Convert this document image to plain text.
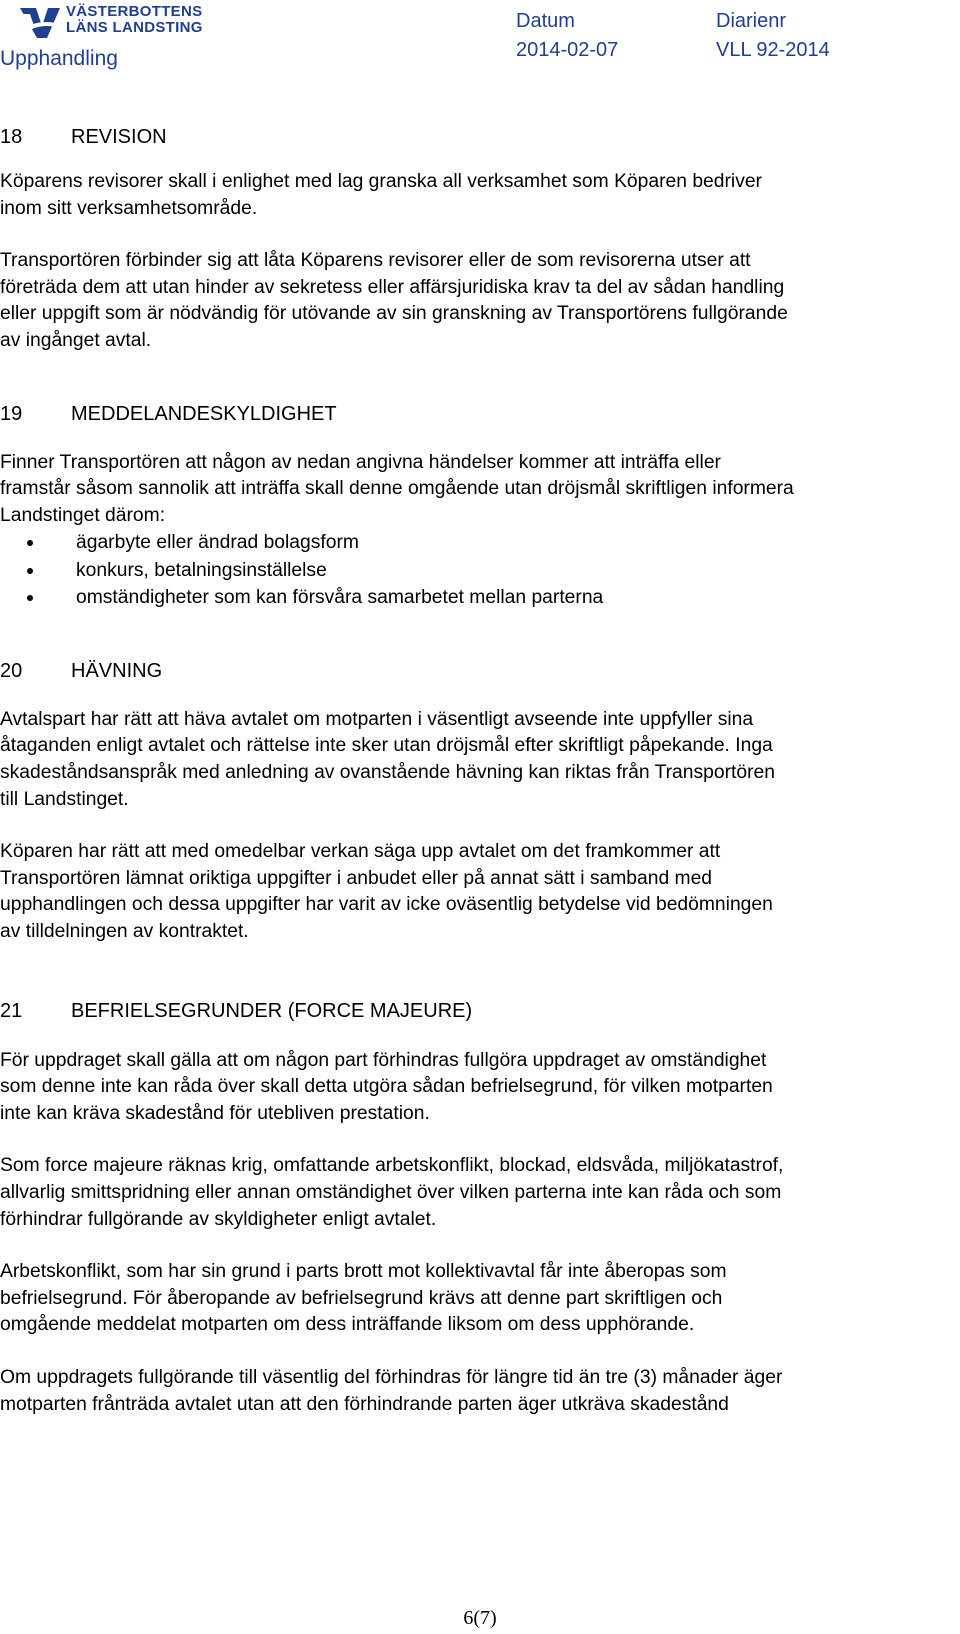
VÄSTERBOTTENS
LÄNS LANDSTING
Upphandling
Datum
2014-02-07
Diarienr
VLL 92-2014
18	REVISION

Köparens revisorer skall i enlighet med lag granska all verksamhet som Köparen bedriver

inom sitt verksamhetsområde.

Transportören förbinder sig att låta Köparens revisorer eller de som revisorerna utser att

företräda dem att utan hinder av sekretess eller affärsjuridiska krav ta del av sådan handling

eller uppgift som är nödvändig för utövande av sin granskning av Transportörens fullgörande

av ingånget avtal.

19	MEDDELANDESKYLDIGHET

Finner Transportören att någon av nedan angivna händelser kommer att inträffa eller

framstår såsom sannolik att inträffa skall denne omgående utan dröjsmål skriftligen informera

Landstinget därom:

ägarbyte eller ändrad bolagsform
konkurs, betalningsinställelse
omständigheter som kan försvåra samarbetet mellan parterna
20	HÄVNING

Avtalspart har rätt att häva avtalet om motparten i väsentligt avseende inte uppfyller sina

åtaganden enligt avtalet och rättelse inte sker utan dröjsmål efter skriftligt påpekande. Inga

skadeståndsanspråk med anledning av ovanstående hävning kan riktas från Transportören

till Landstinget.

Köparen har rätt att med omedelbar verkan säga upp avtalet om det framkommer att

Transportören lämnat oriktiga uppgifter i anbudet eller på annat sätt i samband med

upphandlingen och dessa uppgifter har varit av icke oväsentlig betydelse vid bedömningen

av tilldelningen av kontraktet.

21	BEFRIELSEGRUNDER (FORCE MAJEURE)

För uppdraget skall gälla att om någon part förhindras fullgöra uppdraget av omständighet

som denne inte kan råda över skall detta utgöra sådan befrielsegrund, för vilken motparten

inte kan kräva skadestånd för utebliven prestation.

Som force majeure räknas krig, omfattande arbetskonflikt, blockad, eldsvåda, miljökatastrof,

allvarlig smittspridning eller annan omständighet över vilken parterna inte kan råda och som

förhindrar fullgörande av skyldigheter enligt avtalet.

Arbetskonflikt, som har sin grund i parts brott mot kollektivavtal får inte åberopas som

befrielsegrund. För åberopande av befrielsegrund krävs att denne part skriftligen och

omgående meddelat motparten om dess inträffande liksom om dess upphörande.

Om uppdragets fullgörande till väsentlig del förhindras för längre tid än tre (3) månader äger

motparten frånträda avtalet utan att den förhindrande parten äger utkräva skadestånd

6(7)
